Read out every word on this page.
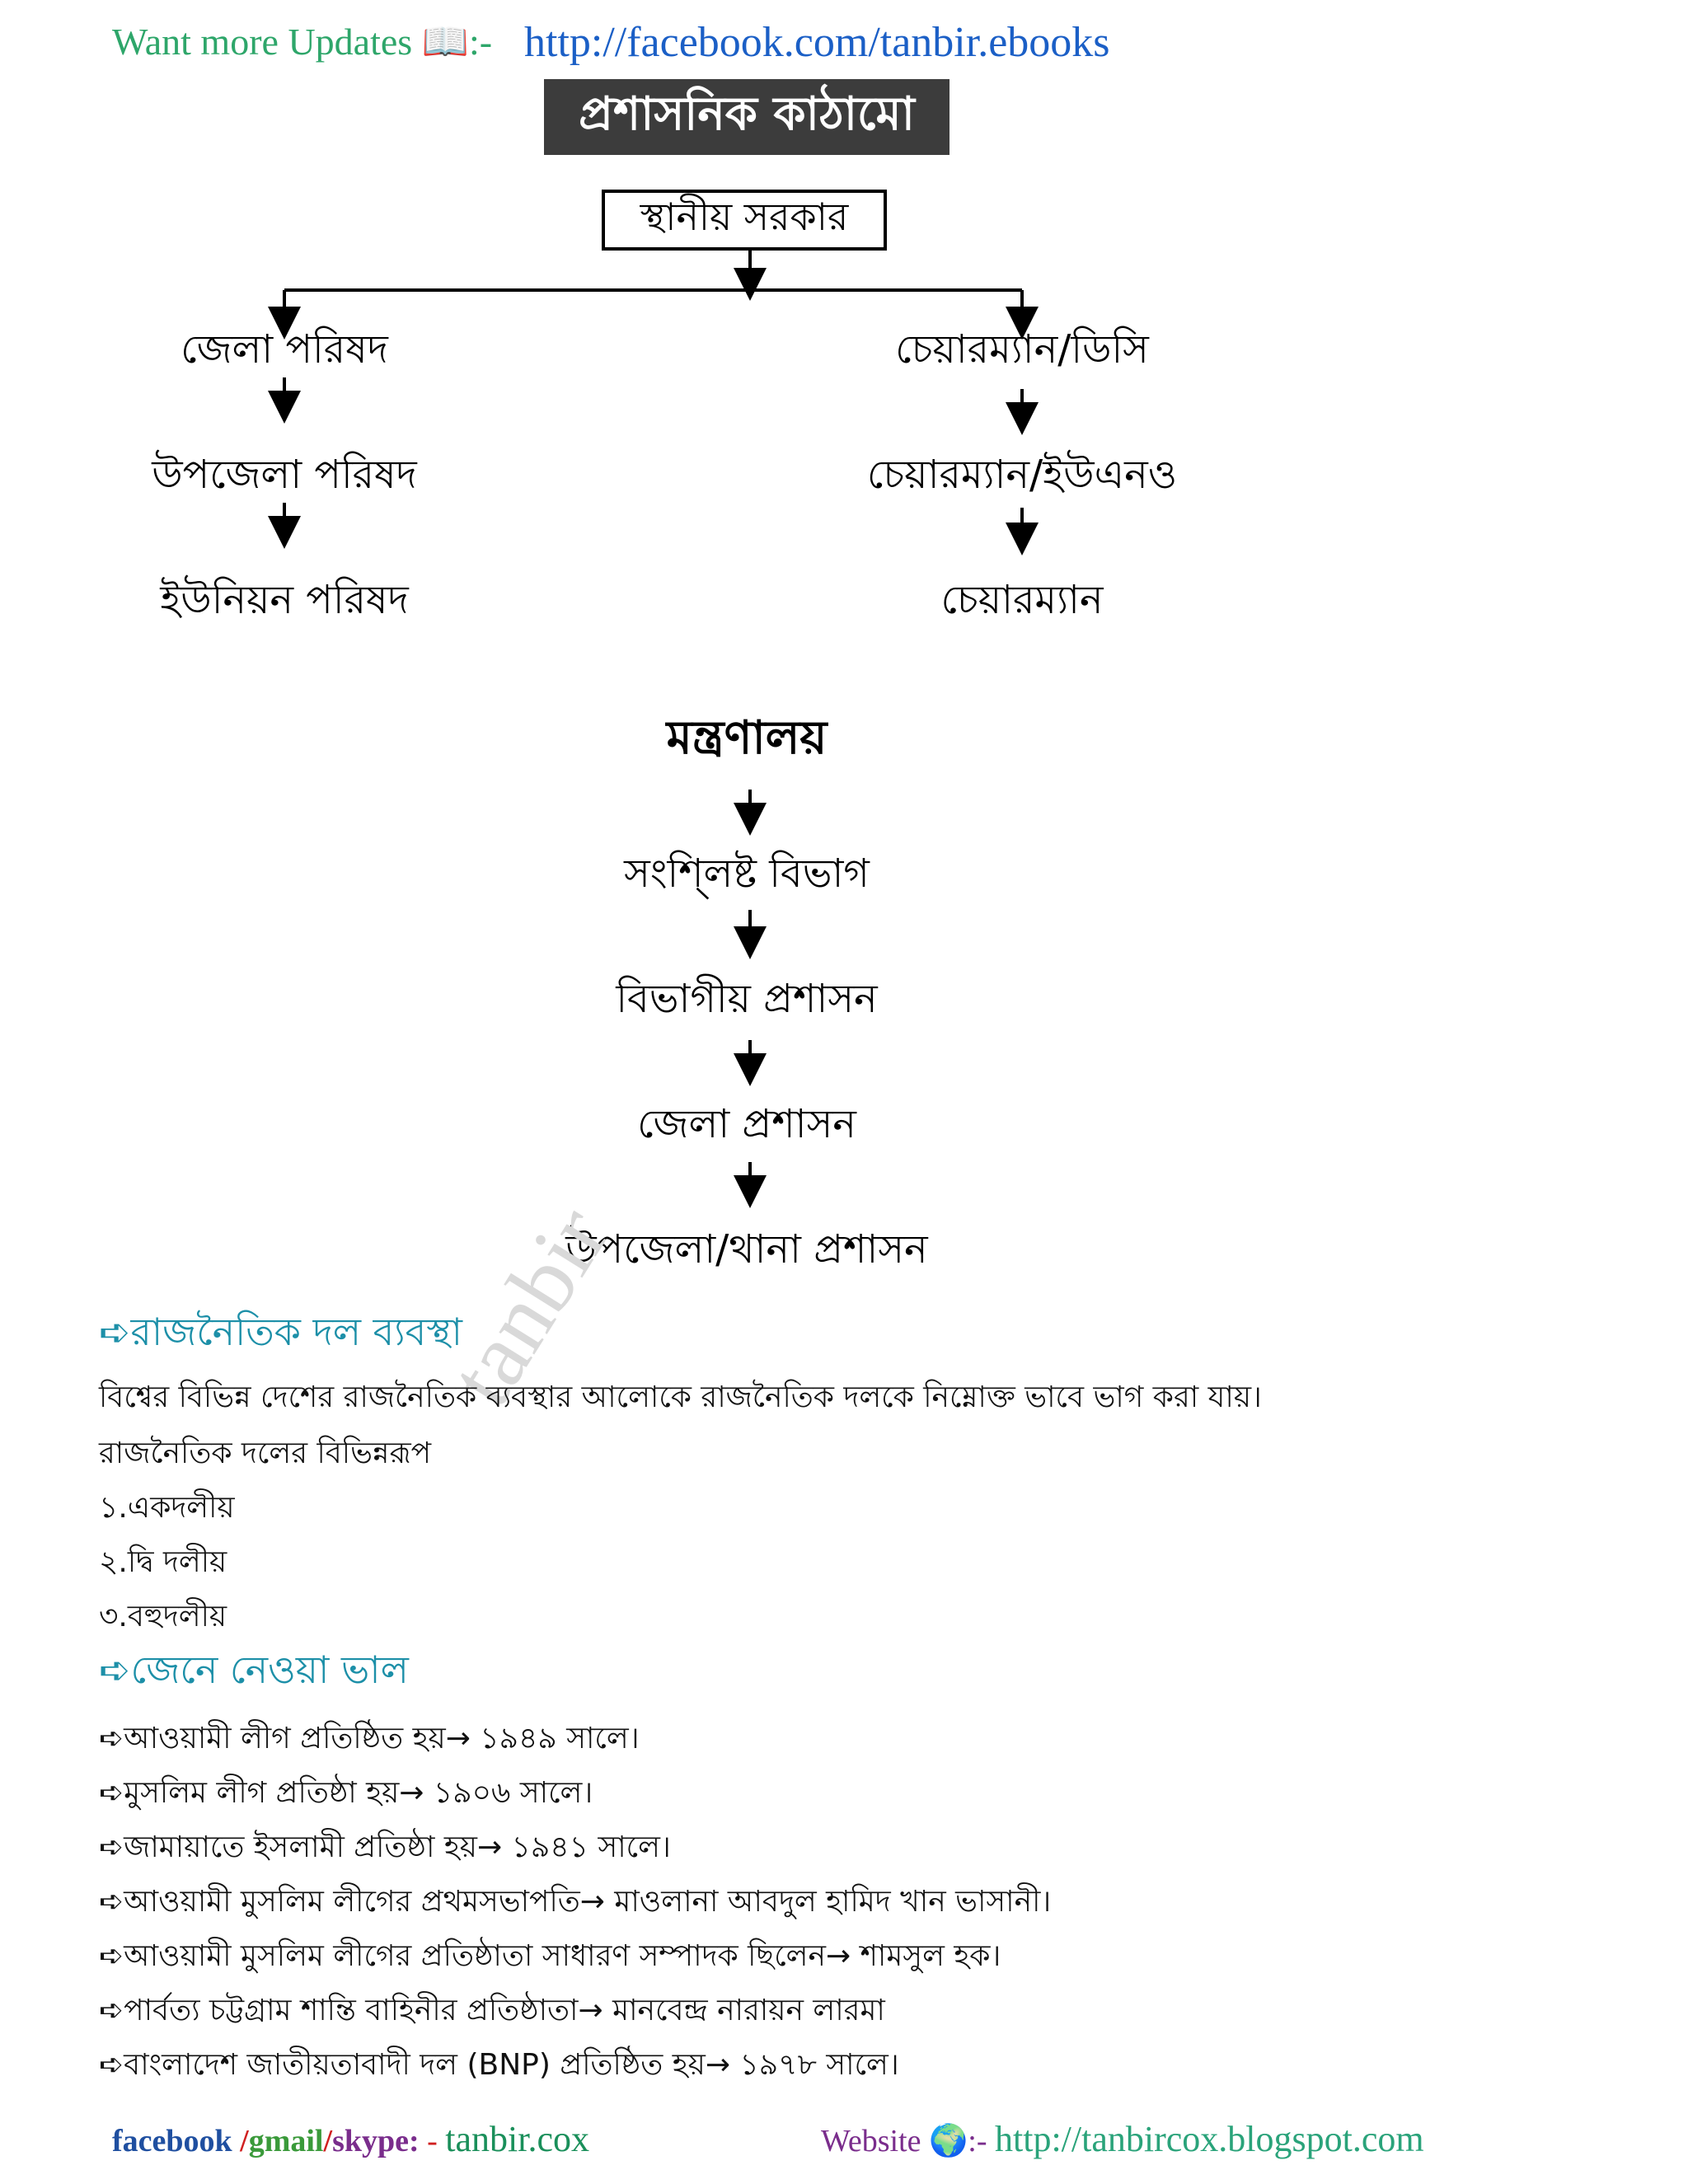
Want more Updates 📖:- http://facebook.com/tanbir.ebooks
প্রশাসনিক কাঠামো
স্থানীয় সরকার
জেলা পরিষদ
উপজেলা পরিষদ
ইউনিয়ন পরিষদ
চেয়ারম্যান/ডিসি
চেয়ারম্যান/ইউএনও
চেয়ারম্যান
মন্ত্রণালয়
সংশি্লষ্ট বিভাগ
বিভাগীয় প্রশাসন
জেলা প্রশাসন
উপজেলা/থানা প্রশাসন
tanbir
➪রাজনৈতিক দল ব্যবস্থা
বিশ্বের বিভিন্ন দেশের রাজনৈতিক ব্যবস্থার আলোকে রাজনৈতিক দলকে নিম্নোক্ত ভাবে ভাগ করা যায়।
রাজনৈতিক দলের বিভিন্নরূপ
১.একদলীয়
২.দ্বি দলীয়
৩.বহুদলীয়
➪জেনে নেওয়া ভাল
➪আওয়ামী লীগ প্রতিষ্ঠিত হয়→ ১৯৪৯ সালে।
➪মুসলিম লীগ প্রতিষ্ঠা হয়→ ১৯০৬ সালে।
➪জামায়াতে ইসলামী প্রতিষ্ঠা হয়→ ১৯৪১ সালে।
➪আওয়ামী মুসলিম লীগের প্রথমসভাপতি→ মাওলানা আবদুল হামিদ খান ভাসানী।
➪আওয়ামী মুসলিম লীগের প্রতিষ্ঠাতা সাধারণ সম্পাদক ছিলেন→ শামসুল হক।
➪পার্বত্য চট্টগ্রাম শান্তি বাহিনীর প্রতিষ্ঠাতা→ মানবেন্দ্র নারায়ন লারমা
➪বাংলাদেশ জাতীয়তাবাদী দল (BNP) প্রতিষ্ঠিত হয়→ ১৯৭৮ সালে।
facebook /gmail/skype: - tanbir.cox	Website 🌍:- http://tanbircox.blogspot.com
